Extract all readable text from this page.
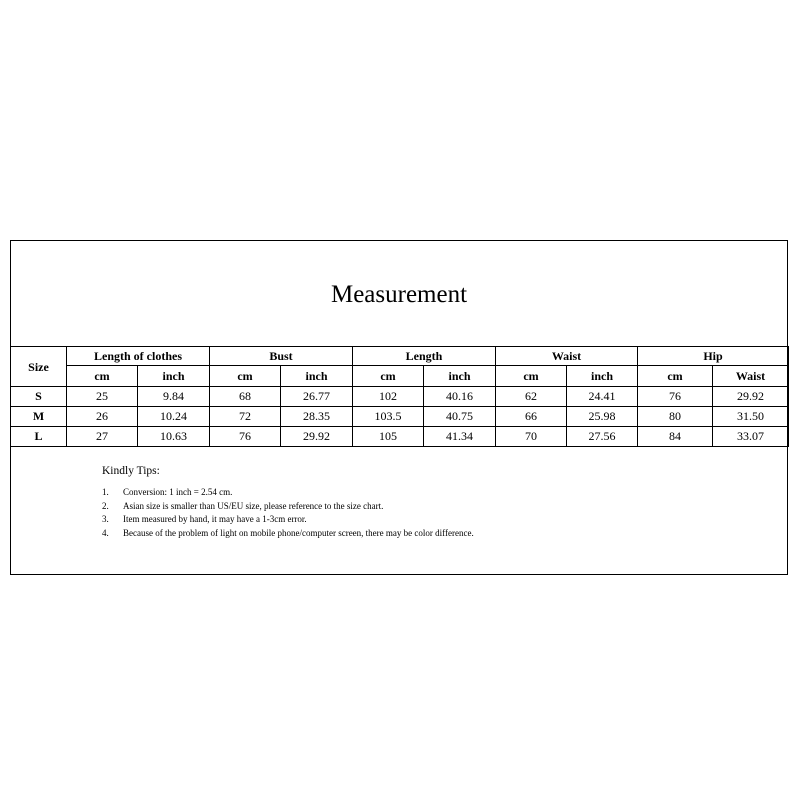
Measurement
Size	Length of clothes		Bust		Length		Waist		Hip	
	cm	inch	cm	inch	cm	inch	cm	inch	cm	Waist
S	25	9.84	68	26.77	102	40.16	62	24.41	76	29.92
M	26	10.24	72	28.35	103.5	40.75	66	25.98	80	31.50
L	27	10.63	76	29.92	105	41.34	70	27.56	84	33.07
Kindly Tips:
1. Conversion: 1 inch = 2.54 cm.
2. Asian size is smaller than US/EU size, please reference to the size chart.
3. Item measured by hand, it may have a 1-3cm error.
4. Because of the problem of light on mobile phone/computer screen, there may be color difference.
